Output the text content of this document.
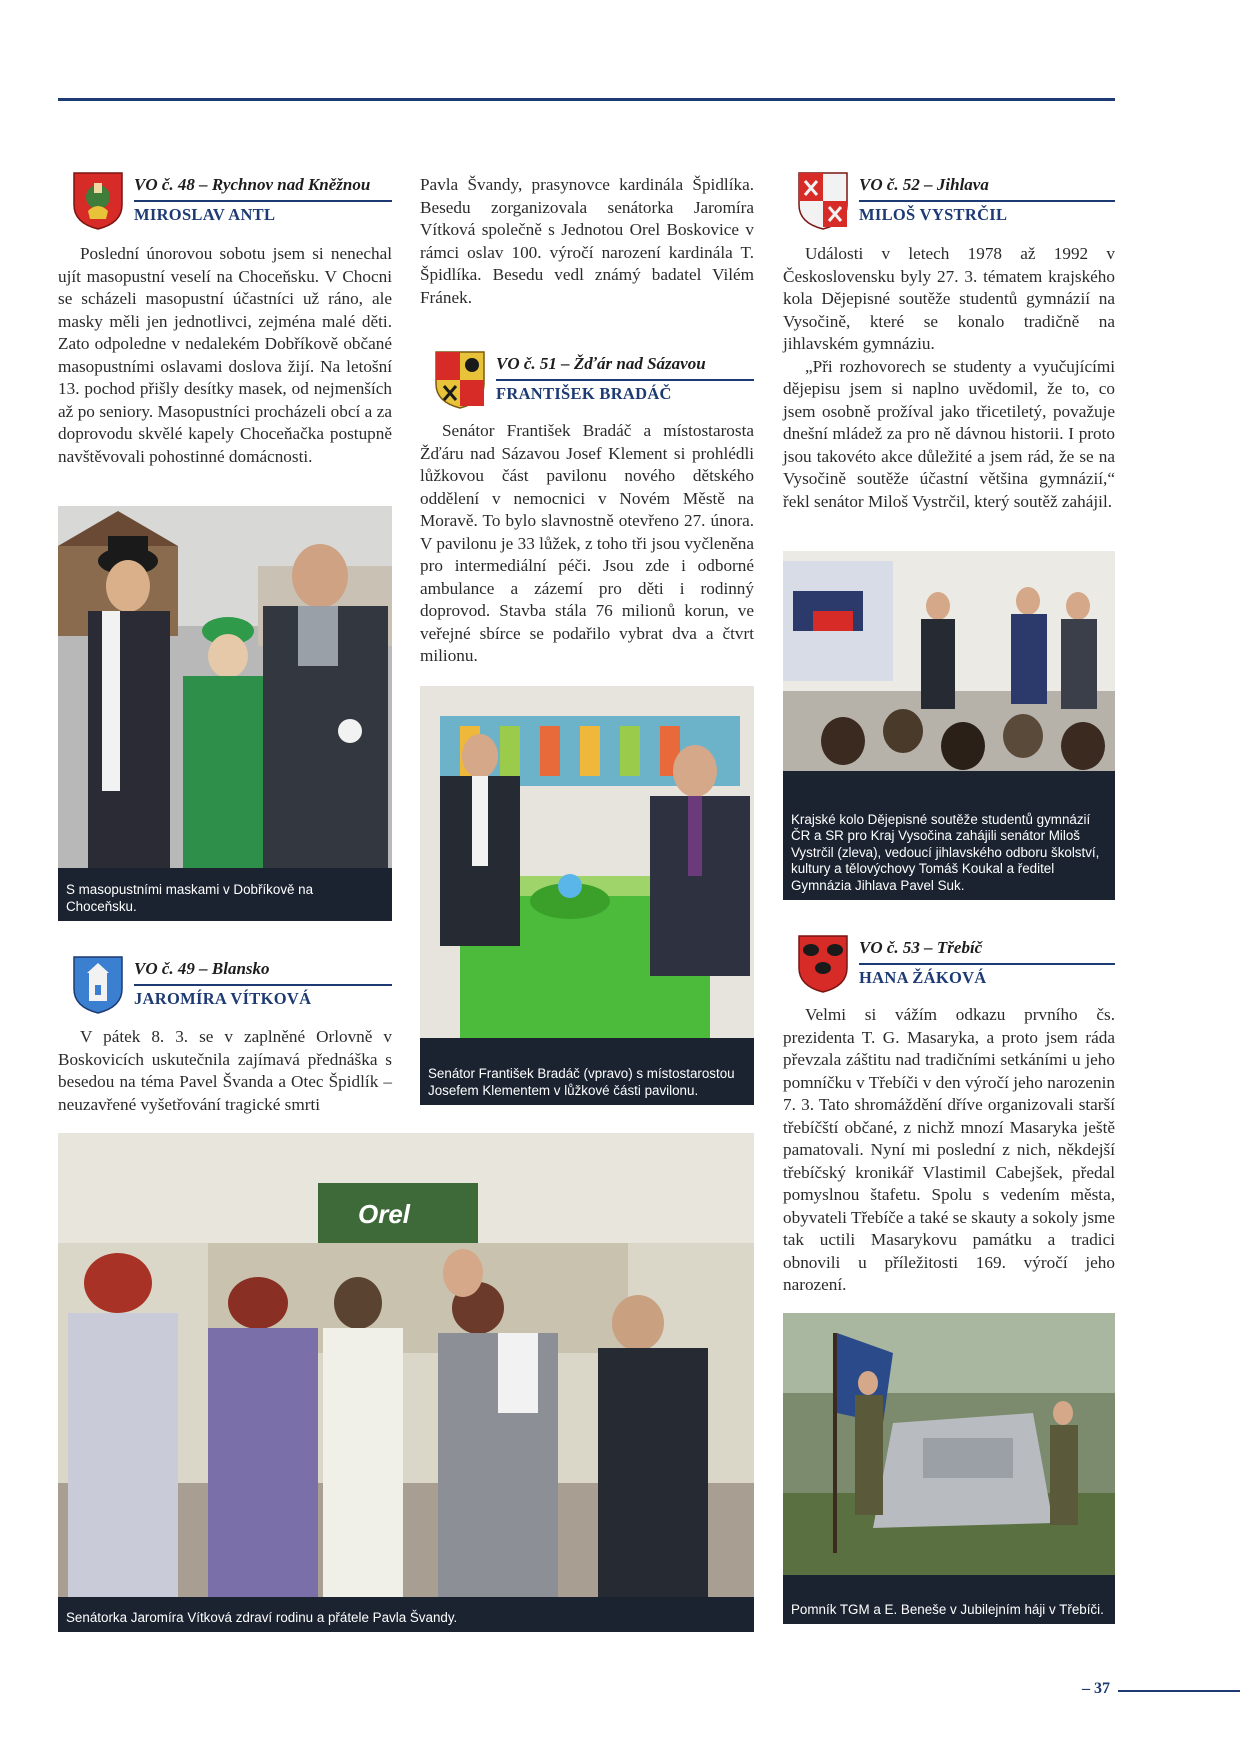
VO č. 48 – Rychnov nad Kněžnou
MIROSLAV ANTL

Poslední únorovou sobotu jsem si nenechal ujít masopustní veselí na Choceňsku. V Chocni se scházeli masopustní účastníci už ráno, ale masky měli jen jednotlivci, zejména malé děti. Zato odpoledne v nedalekém Dobříkově občané masopustními oslavami doslova žijí. Na letošní 13. pochod přišly desítky masek, od nejmenších až po seniory. Masopustníci procházeli obcí a za doprovodu skvělé kapely Choceňačka postupně navštěvovali pohostinné domácnosti.

S masopustními maskami v Dobříkově na Choceňsku.
VO č. 49 – Blansko
JAROMÍRA VÍTKOVÁ

V pátek 8. 3. se v zaplněné Orlovně v Boskovicích uskutečnila zajímavá přednáška s besedou na téma Pavel Švanda a Otec Špidlík – neuzavřené vyšetřování tragické smrti

Pavla Švandy, prasynovce kardinála Špidlíka. Besedu zorganizovala senátorka Jaromíra Vítková společně s Jednotou Orel Boskovice v rámci oslav 100. výročí narození kardinála T. Špidlíka. Besedu vedl známý badatel Vilém Fránek.

Orel
Senátorka Jaromíra Vítková zdraví rodinu a přátele Pavla Švandy.
VO č. 51 – Žďár nad Sázavou
FRANTIŠEK BRADÁČ

Senátor František Bradáč a místostarosta Žďáru nad Sázavou Josef Klement si prohlédli lůžkovou část pavilonu nového dětského oddělení v nemocnici v Novém Městě na Moravě. To bylo slavnostně otevřeno 27. února. V pavilonu je 33 lůžek, z toho tři jsou vyčleněna pro intermediální péči. Jsou zde i odborné ambulance a zázemí pro děti i rodinný doprovod. Stavba stála 76 milionů korun, ve veřejné sbírce se podařilo vybrat dva a čtvrt milionu.

Senátor František Bradáč (vpravo) s místostarostou Josefem Klementem v lůžkové části pavilonu.
VO č. 52 – Jihlava
MILOŠ VYSTRČIL

Události v letech 1978 až 1992 v Československu byly 27. 3. tématem krajského kola Dějepisné soutěže studentů gymnázií na Vysočině, které se konalo tradičně na jihlavském gymnáziu.

„Při rozhovorech se studenty a vyučujícími dějepisu jsem si naplno uvědomil, že to, co jsem osobně prožíval jako třicetiletý, považuje dnešní mládež za pro ně dávnou historii. I proto jsou takovéto akce důležité a jsem rád, že se na Vysočině soutěže účastní většina gymnázií,“ řekl senátor Miloš Vystrčil, který soutěž zahájil.

Krajské kolo Dějepisné soutěže studentů gymnázií ČR a SR pro Kraj Vysočina zahájili senátor Miloš Vystrčil (zleva), vedoucí jihlavského odboru školství, kultury a tělovýchovy Tomáš Koukal a ředitel Gymnázia Jihlava Pavel Suk.
VO č. 53 – Třebíč
HANA ŽÁKOVÁ

Velmi si vážím odkazu prvního čs. prezidenta T. G. Masaryka, a proto jsem ráda převzala záštitu nad tradičními setkáními u jeho pomníčku v Třebíči v den výročí jeho narozenin 7. 3. Tato shromáždění dříve organizovali starší třebíčští občané, z nichž mnozí Masaryka ještě pamatovali. Nyní mi poslední z nich, někdejší třebíčský kronikář Vlastimil Cabejšek, předal pomyslnou štafetu. Spolu s vedením města, obyvateli Třebíče a také se skauty a sokoly jsme tak uctili Masarykovu památku a tradici obnovili u příležitosti 169. výročí jeho narození.

Pomník TGM a E. Beneše v Jubilejním háji v Třebíči.
– 37
